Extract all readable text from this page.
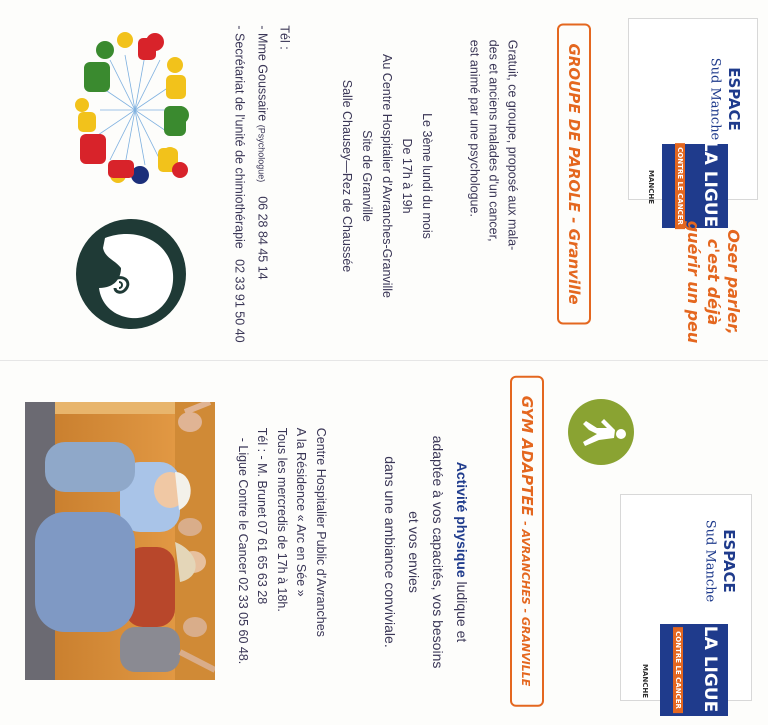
ESPACE
Sud Manche
MANCHE
LA LIGUE
CONTRE LE CANCER
Oser parler,
c'est déjà
guérir un peu
GROUPE DE PAROLE - Granville
Gratuit, ce groupe, proposé aux mala-
des et anciens malades d'un cancer,
est animé par une psychologue.
Le 3ème lundi du mois
De 17h à 19h
Au Centre Hospitalier d'Avranches-Granville
Site de Granville
Salle Chausey—Rez de Chaussée
Tél :
- Mme Goussaire (Psychologue)    06 28 84 45 14
- Secrétariat de l'unité de chimiothérapie   02 33 91 50 40
GYM ADAPTEE - AVRANCHES - GRANVILLE
Activité physique ludique et
adaptée à vos capacités, vos besoins
et vos envies
dans une ambiance conviviale.
Centre Hospitalier Public d'Avranches
A la Résidence « Arc en Sée »
Tous les mercredis de 17h à 18h.
Tél : - M. Brunet 07 61 65 63 28
- Ligue Contre le Cancer 02 33 05 60 48.	ESPACE
Sud Manche
MANCHE
LA LIGUE
CONTRE LE CANCER
